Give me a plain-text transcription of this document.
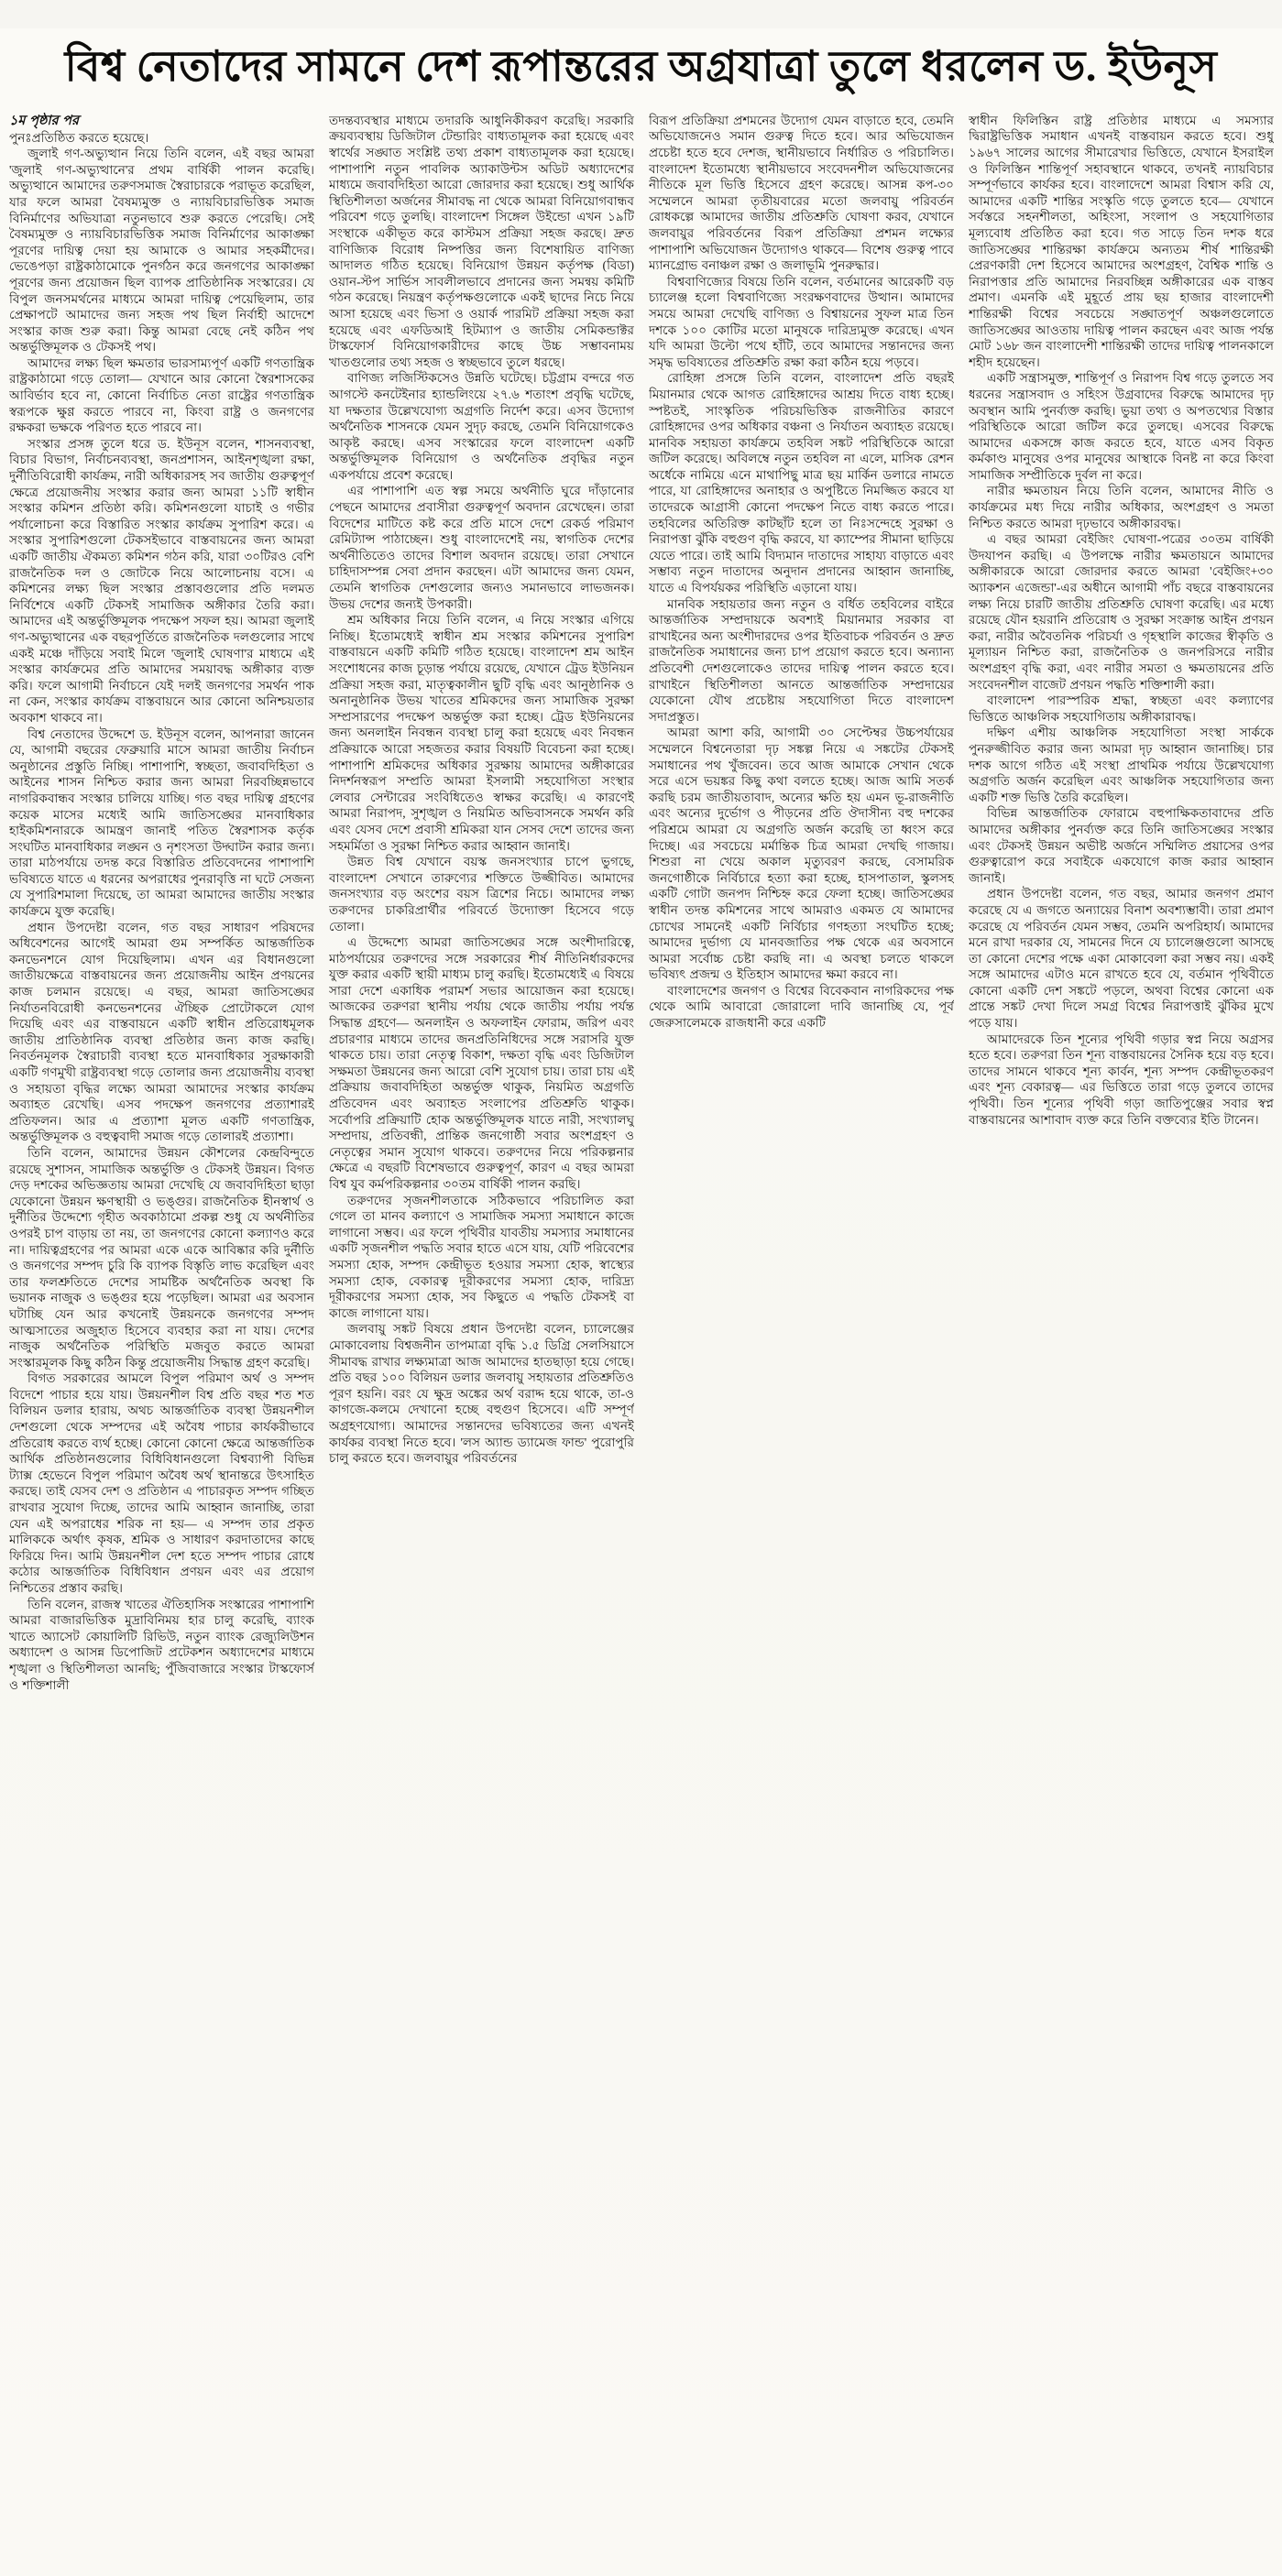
বিশ্ব নেতাদের সামনে দেশ রূপান্তরের অগ্রযাত্রা তুলে ধরলেন ড. ইউনূস

১ম পৃষ্ঠার পর

পুনঃপ্রতিষ্ঠিত করতে হয়েছে।

জুলাই গণ-অভ্যুত্থান নিয়ে তিনি বলেন, এই বছর আমরা 'জুলাই গণ-অভ্যুত্থানে'র প্রথম বার্ষিকী পালন করেছি। অভ্যুত্থানে আমাদের তরুণসমাজ স্বৈরাচারকে পরাভূত করেছিল, যার ফলে আমরা বৈষম্যমুক্ত ও ন্যায়বিচারভিত্তিক সমাজ বিনির্মাণের অভিযাত্রা নতুনভাবে শুরু করতে পেরেছি। সেই বৈষম্যমুক্ত ও ন্যায়বিচারভিত্তিক সমাজ বিনির্মাণের আকাঙ্ক্ষা পূরণের দায়িত্ব দেয়া হয় আমাকে ও আমার সহকর্মীদের। ভেঙেপড়া রাষ্ট্রকাঠামোকে পুনর্গঠন করে জনগণের আকাঙ্ক্ষা পূরণের জন্য প্রয়োজন ছিল ব্যাপক প্রাতিষ্ঠানিক সংস্কারের। যে বিপুল জনসমর্থনের মাধ্যমে আমরা দায়িত্ব পেয়েছিলাম, তার প্রেক্ষাপটে আমাদের জন্য সহজ পথ ছিল নির্বাহী আদেশে সংস্কার কাজ শুরু করা। কিন্তু আমরা বেছে নেই কঠিন পথ অন্তর্ভুক্তিমূলক ও টেকসই পথ।

আমাদের লক্ষ্য ছিল ক্ষমতার ভারসাম্যপূর্ণ একটি গণতান্ত্রিক রাষ্ট্রকাঠামো গড়ে তোলা— যেখানে আর কোনো স্বৈরশাসকের আবির্ভাব হবে না, কোনো নির্বাচিত নেতা রাষ্ট্রের গণতান্ত্রিক স্বরূপকে ক্ষুণ্ণ করতে পারবে না, কিংবা রাষ্ট্র ও জনগণের রক্ষকরা ভক্ষকে পরিণত হতে পারবে না।

সংস্কার প্রসঙ্গ তুলে ধরে ড. ইউনূস বলেন, শাসনব্যবস্থা, বিচার বিভাগ, নির্বাচনব্যবস্থা, জনপ্রশাসন, আইনশৃঙ্খলা রক্ষা, দুর্নীতিবিরোধী কার্যক্রম, নারী অধিকারসহ সব জাতীয় গুরুত্বপূর্ণ ক্ষেত্রে প্রয়োজনীয় সংস্কার করার জন্য আমরা ১১টি স্বাধীন সংস্কার কমিশন প্রতিষ্ঠা করি। কমিশনগুলো যাচাই ও গভীর পর্যালোচনা করে বিস্তারিত সংস্কার কার্যক্রম সুপারিশ করে। এ সংস্কার সুপারিশগুলো টেকসইভাবে বাস্তবায়নের জন্য আমরা একটি জাতীয় ঐকমত্য কমিশন গঠন করি, যারা ৩০টিরও বেশি রাজনৈতিক দল ও জোটকে নিয়ে আলোচনায় বসে। এ কমিশনের লক্ষ্য ছিল সংস্কার প্রস্তাবগুলোর প্রতি দলমত নির্বিশেষে একটি টেকসই সামাজিক অঙ্গীকার তৈরি করা। আমাদের এই অন্তর্ভুক্তিমূলক পদক্ষেপ সফল হয়। আমরা জুলাই গণ-অভ্যুত্থানের এক বছরপূর্তিতে রাজনৈতিক দলগুলোর সাথে একই মঞ্চে দাঁড়িয়ে সবাই মিলে 'জুলাই ঘোষণা'র মাধ্যমে এই সংস্কার কার্যক্রমের প্রতি আমাদের সময়াবদ্ধ অঙ্গীকার ব্যক্ত করি। ফলে আগামী নির্বাচনে যেই দলই জনগণের সমর্থন পাক না কেন, সংস্কার কার্যক্রম বাস্তবায়নে আর কোনো অনিশ্চয়তার অবকাশ থাকবে না।

বিশ্ব নেতাদের উদ্দেশে ড. ইউনূস বলেন, আপনারা জানেন যে, আগামী বছরের ফেব্রুয়ারি মাসে আমরা জাতীয় নির্বাচন অনুষ্ঠানের প্রস্তুতি নিচ্ছি। পাশাপাশি, স্বচ্ছতা, জবাবদিহিতা ও আইনের শাসন নিশ্চিত করার জন্য আমরা নিরবচ্ছিন্নভাবে নাগরিকবান্ধব সংস্কার চালিয়ে যাচ্ছি। গত বছর দায়িত্ব গ্রহণের কয়েক মাসের মধ্যেই আমি জাতিসঙ্ঘের মানবাধিকার হাইকমিশনারকে আমন্ত্রণ জানাই পতিত স্বৈরশাসক কর্তৃক সংঘটিত মানবাধিকার লঙ্ঘন ও নৃশংসতা উদ্ঘাটন করার জন্য। তারা মাঠপর্যায়ে তদন্ত করে বিস্তারিত প্রতিবেদনের পাশাপাশি ভবিষ্যতে যাতে এ ধরনের অপরাধের পুনরাবৃত্তি না ঘটে সেজন্য যে সুপারিশমালা দিয়েছে, তা আমরা আমাদের জাতীয় সংস্কার কার্যক্রমে যুক্ত করেছি।

প্রধান উপদেষ্টা বলেন, গত বছর সাধারণ পরিষদের অধিবেশনের আগেই আমরা গুম সম্পর্কিত আন্তর্জাতিক কনভেনশনে যোগ দিয়েছিলাম। এখন এর বিধানগুলো জাতীয়ক্ষেত্রে বাস্তবায়নের জন্য প্রয়োজনীয় আইন প্রণয়নের কাজ চলমান রয়েছে। এ বছর, আমরা জাতিসঙ্ঘের নির্যাতনবিরোধী কনভেনশনের ঐচ্ছিক প্রোটোকলে যোগ দিয়েছি এবং এর বাস্তবায়নে একটি স্বাধীন প্রতিরোধমূলক জাতীয় প্রাতিষ্ঠানিক ব্যবস্থা প্রতিষ্ঠার জন্য কাজ করছি। নিবর্তনমূলক স্বৈরাচারী ব্যবস্থা হতে মানবাধিকার সুরক্ষাকারী একটি গণমুখী রাষ্ট্রব্যবস্থা গড়ে তোলার জন্য প্রয়োজনীয় ব্যবস্থা ও সহায়তা বৃদ্ধির লক্ষ্যে আমরা আমাদের সংস্কার কার্যক্রম অব্যাহত রেখেছি। এসব পদক্ষেপ জনগণের প্রত্যাশারই প্রতিফলন। আর এ প্রত্যাশা মূলত একটি গণতান্ত্রিক, অন্তর্ভুক্তিমূলক ও বহুত্ববাদী সমাজ গড়ে তোলারই প্রত্যাশা।

তিনি বলেন, আমাদের উন্নয়ন কৌশলের কেন্দ্রবিন্দুতে রয়েছে সুশাসন, সামাজিক অন্তর্ভুক্তি ও টেকসই উন্নয়ন। বিগত দেড় দশকের অভিজ্ঞতায় আমরা দেখেছি যে জবাবদিহিতা ছাড়া যেকোনো উন্নয়ন ক্ষণস্থায়ী ও ভঙ্গুর। রাজনৈতিক হীনস্বার্থ ও দুর্নীতির উদ্দেশ্যে গৃহীত অবকাঠামো প্রকল্প শুধু যে অর্থনীতির ওপরই চাপ বাড়ায় তা নয়, তা জনগণের কোনো কল্যাণও করে না। দায়িত্বগ্রহণের পর আমরা একে একে আবিষ্কার করি দুর্নীতি ও জনগণের সম্পদ চুরি কি ব্যাপক বিস্তৃতি লাভ করেছিল এবং তার ফলশ্রুতিতে দেশের সামষ্টিক অর্থনৈতিক অবস্থা কি ভয়ানক নাজুক ও ভঙ্গুর হয়ে পড়েছিল। আমরা এর অবসান ঘটাচ্ছি যেন আর কখনোই উন্নয়নকে জনগণের সম্পদ আত্মসাতের অজুহাত হিসেবে ব্যবহার করা না যায়। দেশের নাজুক অর্থনৈতিক পরিস্থিতি মজবুত করতে আমরা সংস্কারমূলক কিছু কঠিন কিন্তু প্রয়োজনীয় সিদ্ধান্ত গ্রহণ করেছি।

বিগত সরকারের আমলে বিপুল পরিমাণ অর্থ ও সম্পদ বিদেশে পাচার হয়ে যায়। উন্নয়নশীল বিশ্ব প্রতি বছর শত শত বিলিয়ন ডলার হারায়, অথচ আন্তর্জাতিক ব্যবস্থা উন্নয়নশীল দেশগুলো থেকে সম্পদের এই অবৈধ পাচার কার্যকরীভাবে প্রতিরোধ করতে ব্যর্থ হচ্ছে। কোনো কোনো ক্ষেত্রে আন্তর্জাতিক আর্থিক প্রতিষ্ঠানগুলোর বিধিবিধানগুলো বিশ্বব্যাপী বিভিন্ন ট্যাক্স হেভেনে বিপুল পরিমাণ অবৈধ অর্থ স্থানান্তরে উৎসাহিত করছে। তাই যেসব দেশ ও প্রতিষ্ঠান এ পাচারকৃত সম্পদ গচ্ছিত রাখবার সুযোগ দিচ্ছে, তাদের আমি আহ্বান জানাচ্ছি, তারা যেন এই অপরাধের শরিক না হয়— এ সম্পদ তার প্রকৃত মালিককে অর্থাৎ কৃষক, শ্রমিক ও সাধারণ করদাতাদের কাছে ফিরিয়ে দিন। আমি উন্নয়নশীল দেশ হতে সম্পদ পাচার রোধে কঠোর আন্তর্জাতিক বিধিবিধান প্রণয়ন এবং এর প্রয়োগ নিশ্চিতের প্রস্তাব করছি।

তিনি বলেন, রাজস্ব খাতের ঐতিহাসিক সংস্কারের পাশাপাশি আমরা বাজারভিত্তিক মুদ্রাবিনিময় হার চালু করেছি, ব্যাংক খাতে অ্যাসেট কোয়ালিটি রিভিউ, নতুন ব্যাংক রেজ্যুলিউশন অধ্যাদেশ ও আসন্ন ডিপোজিট প্রটেকশন অধ্যাদেশের মাধ্যমে শৃঙ্খলা ও স্থিতিশীলতা আনছি; পুঁজিবাজারে সংস্কার টাস্কফোর্স ও শক্তিশালী

তদন্তব্যবস্থার মাধ্যমে তদারকি আধুনিকীকরণ করেছি। সরকারি ক্রয়ব্যবস্থায় ডিজিটাল টেন্ডারিং বাধ্যতামূলক করা হয়েছে এবং স্বার্থের সঙ্ঘাত সংশ্লিষ্ট তথ্য প্রকাশ বাধ্যতামূলক করা হয়েছে। পাশাপাশি নতুন পাবলিক অ্যাকাউন্টস অডিট অধ্যাদেশের মাধ্যমে জবাবদিহিতা আরো জোরদার করা হয়েছে। শুধু আর্থিক স্থিতিশীলতা অর্জনের সীমাবদ্ধ না থেকে আমরা বিনিয়োগবান্ধব পরিবেশ গড়ে তুলছি। বাংলাদেশ সিঙ্গেল উইন্ডো এখন ১৯টি সংস্থাকে একীভূত করে কাস্টমস প্রক্রিয়া সহজ করছে। দ্রুত বাণিজ্যিক বিরোধ নিষ্পত্তির জন্য বিশেষায়িত বাণিজ্য আদালত গঠিত হয়েছে। বিনিয়োগ উন্নয়ন কর্তৃপক্ষ (বিডা) ওয়ান-স্টপ সার্ভিস সাবলীলভাবে প্রদানের জন্য সমন্বয় কমিটি গঠন করেছে। নিয়ন্ত্রণ কর্তৃপক্ষগুলোকে একই ছাদের নিচে নিয়ে আসা হয়েছে এবং ভিসা ও ওয়ার্ক পারমিট প্রক্রিয়া সহজ করা হয়েছে এবং এফডিআই হিটম্যাপ ও জাতীয় সেমিকন্ডাক্টর টাস্কফোর্স বিনিয়োগকারীদের কাছে উচ্চ সম্ভাবনাময় খাতগুলোর তথ্য সহজ ও স্বচ্ছভাবে তুলে ধরছে।

বাণিজ্য লজিস্টিকসেও উন্নতি ঘটেছে। চট্টগ্রাম বন্দরে গত আগস্টে কনটেইনার হ্যান্ডলিংয়ে ২৭.৬ শতাংশ প্রবৃদ্ধি ঘটেছে, যা দক্ষতার উল্লেখযোগ্য অগ্রগতি নির্দেশ করে। এসব উদ্যোগ অর্থনৈতিক শাসনকে যেমন সুদৃঢ় করছে, তেমনি বিনিয়োগকেও আকৃষ্ট করছে। এসব সংস্কারের ফলে বাংলাদেশ একটি অন্তর্ভুক্তিমূলক বিনিয়োগ ও অর্থনৈতিক প্রবৃদ্ধির নতুন একপর্যায়ে প্রবেশ করেছে।

এর পাশাপাশি এত স্বল্প সময়ে অর্থনীতি ঘুরে দাঁড়ানোর পেছনে আমাদের প্রবাসীরা গুরুত্বপূর্ণ অবদান রেখেছেন। তারা বিদেশের মাটিতে কষ্ট করে প্রতি মাসে দেশে রেকর্ড পরিমাণ রেমিট্যান্স পাঠাচ্ছেন। শুধু বাংলাদেশেই নয়, স্বাগতিক দেশের অর্থনীতিতেও তাদের বিশাল অবদান রয়েছে। তারা সেখানে চাহিদাসম্পন্ন সেবা প্রদান করছেন। এটা আমাদের জন্য যেমন, তেমনি স্বাগতিক দেশগুলোর জন্যও সমানভাবে লাভজনক। উভয় দেশের জন্যই উপকারী।

শ্রম অধিকার নিয়ে তিনি বলেন, এ নিয়ে সংস্কার এগিয়ে নিচ্ছি। ইতোমধ্যেই স্বাধীন শ্রম সংস্কার কমিশনের সুপারিশ বাস্তবায়নে একটি কমিটি গঠিত হয়েছে। বাংলাদেশ শ্রম আইন সংশোধনের কাজ চূড়ান্ত পর্যায়ে রয়েছে, যেখানে ট্রেড ইউনিয়ন প্রক্রিয়া সহজ করা, মাতৃত্বকালীন ছুটি বৃদ্ধি এবং আনুষ্ঠানিক ও অনানুষ্ঠানিক উভয় খাতের শ্রমিকদের জন্য সামাজিক সুরক্ষা সম্প্রসারণের পদক্ষেপ অন্তর্ভুক্ত করা হচ্ছে। ট্রেড ইউনিয়নের জন্য অনলাইন নিবন্ধন ব্যবস্থা চালু করা হয়েছে এবং নিবন্ধন প্রক্রিয়াকে আরো সহজতর করার বিষয়টি বিবেচনা করা হচ্ছে। পাশাপাশি শ্রমিকদের অধিকার সুরক্ষায় আমাদের অঙ্গীকারের নিদর্শনস্বরূপ সম্প্রতি আমরা ইসলামী সহযোগিতা সংস্থার লেবার সেন্টারের সংবিধিতেও স্বাক্ষর করেছি। এ কারণেই আমরা নিরাপদ, সুশৃঙ্খল ও নিয়মিত অভিবাসনকে সমর্থন করি এবং যেসব দেশে প্রবাসী শ্রমিকরা যান সেসব দেশে তাদের জন্য সহমর্মিতা ও সুরক্ষা নিশ্চিত করার আহ্বান জানাই।

উন্নত বিশ্ব যেখানে বয়স্ক জনসংখ্যার চাপে ভুগছে, বাংলাদেশ সেখানে তারুণ্যের শক্তিতে উজ্জীবিত। আমাদের জনসংখ্যার বড় অংশের বয়স ত্রিশের নিচে। আমাদের লক্ষ্য তরুণদের চাকরিপ্রার্থীর পরিবর্তে উদ্যোক্তা হিসেবে গড়ে তোলা।

এ উদ্দেশ্যে আমরা জাতিসঙ্ঘের সঙ্গে অংশীদারিত্বে, মাঠপর্যায়ের তরুণদের সঙ্গে সরকারের শীর্ষ নীতিনির্ধারকদের যুক্ত করার একটি স্থায়ী মাধ্যম চালু করছি। ইতোমধ্যেই এ বিষয়ে সারা দেশে একাধিক পরামর্শ সভার আয়োজন করা হয়েছে। আজকের তরুণরা স্থানীয় পর্যায় থেকে জাতীয় পর্যায় পর্যন্ত সিদ্ধান্ত গ্রহণে— অনলাইন ও অফলাইন ফোরাম, জরিপ এবং প্রচারণার মাধ্যমে তাদের জনপ্রতিনিধিদের সঙ্গে সরাসরি যুক্ত থাকতে চায়। তারা নেতৃত্ব বিকাশ, দক্ষতা বৃদ্ধি এবং ডিজিটাল সক্ষমতা উন্নয়নের জন্য আরো বেশি সুযোগ চায়। তারা চায় এই প্রক্রিয়ায় জবাবদিহিতা অন্তর্ভুক্ত থাকুক, নিয়মিত অগ্রগতি প্রতিবেদন এবং অব্যাহত সংলাপের প্রতিশ্রুতি থাকুক। সর্বোপরি প্রক্রিয়াটি হোক অন্তর্ভুক্তিমূলক যাতে নারী, সংখ্যালঘু সম্প্রদায়, প্রতিবন্ধী, প্রান্তিক জনগোষ্ঠী সবার অংশগ্রহণ ও নেতৃত্বের সমান সুযোগ থাকবে। তরুণদের নিয়ে পরিকল্পনার ক্ষেত্রে এ বছরটি বিশেষভাবে গুরুত্বপূর্ণ, কারণ এ বছর আমরা বিশ্ব যুব কর্মপরিকল্পনার ৩০তম বার্ষিকী পালন করছি।

তরুণদের সৃজনশীলতাকে সঠিকভাবে পরিচালিত করা গেলে তা মানব কল্যাণে ও সামাজিক সমস্যা সমাধানে কাজে লাগানো সম্ভব। এর ফলে পৃথিবীর যাবতীয় সমস্যার সমাধানের একটি সৃজনশীল পদ্ধতি সবার হাতে এসে যায়, যেটি পরিবেশের সমস্যা হোক, সম্পদ কেন্দ্রীভূত হওয়ার সমস্যা হোক, স্বাস্থ্যের সমস্যা হোক, বেকারত্ব দূরীকরণের সমস্যা হোক, দারিদ্র্য দূরীকরণের সমস্যা হোক, সব কিছুতে এ পদ্ধতি টেকসই বা কাজে লাগানো যায়।

জলবায়ু সঙ্কট বিষয়ে প্রধান উপদেষ্টা বলেন, চ্যালেঞ্জের মোকাবেলায় বিশ্বজনীন তাপমাত্রা বৃদ্ধি ১.৫ ডিগ্রি সেলসিয়াসে সীমাবদ্ধ রাখার লক্ষ্যমাত্রা আজ আমাদের হাতছাড়া হয়ে গেছে। প্রতি বছর ১০০ বিলিয়ন ডলার জলবায়ু সহায়তার প্রতিশ্রুতিও পূরণ হয়নি। বরং যে ক্ষুদ্র অঙ্কের অর্থ বরাদ্দ হয়ে থাকে, তা-ও কাগজে-কলমে দেখানো হচ্ছে বহুগুণ হিসেবে। এটি সম্পূর্ণ অগ্রহণযোগ্য। আমাদের সন্তানদের ভবিষ্যতের জন্য এখনই কার্যকর ব্যবস্থা নিতে হবে। 'লস অ্যান্ড ড্যামেজ ফান্ড' পুরোপুরি চালু করতে হবে। জলবায়ুর পরিবর্তনের

বিরূপ প্রতিক্রিয়া প্রশমনের উদ্যোগ যেমন বাড়াতে হবে, তেমনি অভিযোজনেও সমান গুরুত্ব দিতে হবে। আর অভিযোজন প্রচেষ্টা হতে হবে দেশজ, স্থানীয়ভাবে নির্ধারিত ও পরিচালিত। বাংলাদেশ ইতোমধ্যে স্থানীয়ভাবে সংবেদনশীল অভিযোজনের নীতিকে মূল ভিত্তি হিসেবে গ্রহণ করেছে। আসন্ন কপ-৩০ সম্মেলনে আমরা তৃতীয়বারের মতো জলবায়ু পরিবর্তন রোধকল্পে আমাদের জাতীয় প্রতিশ্রুতি ঘোষণা করব, যেখানে জলবায়ুর পরিবর্তনের বিরূপ প্রতিক্রিয়া প্রশমন লক্ষ্যের পাশাপাশি অভিযোজন উদ্যোগও থাকবে— বিশেষ গুরুত্ব পাবে ম্যানগ্রোভ বনাঞ্চল রক্ষা ও জলাভূমি পুনরুদ্ধার।

বিশ্ববাণিজ্যের বিষয়ে তিনি বলেন, বর্তমানের আরেকটি বড় চ্যালেঞ্জ হলো বিশ্ববাণিজ্যে সংরক্ষণবাদের উত্থান। আমাদের সময়ে আমরা দেখেছি বাণিজ্য ও বিশ্বায়নের সুফল মাত্র তিন দশকে ১০০ কোটির মতো মানুষকে দারিদ্র্যমুক্ত করেছে। এখন যদি আমরা উল্টো পথে হাঁটি, তবে আমাদের সন্তানদের জন্য সমৃদ্ধ ভবিষ্যতের প্রতিশ্রুতি রক্ষা করা কঠিন হয়ে পড়বে।

রোহিঙ্গা প্রসঙ্গে তিনি বলেন, বাংলাদেশ প্রতি বছরই মিয়ানমার থেকে আগত রোহিঙ্গাদের আশ্রয় দিতে বাধ্য হচ্ছে। স্পষ্টতই, সাংস্কৃতিক পরিচয়ভিত্তিক রাজনীতির কারণে রোহিঙ্গাদের ওপর অধিকার বঞ্চনা ও নির্যাতন অব্যাহত রয়েছে। মানবিক সহায়তা কার্যক্রমে তহবিল সঙ্কট পরিস্থিতিকে আরো জটিল করেছে। অবিলম্বে নতুন তহবিল না এলে, মাসিক রেশন অর্ধেকে নামিয়ে এনে মাথাপিছু মাত্র ছয় মার্কিন ডলারে নামতে পারে, যা রোহিঙ্গাদের অনাহার ও অপুষ্টিতে নিমজ্জিত করবে যা তাদেরকে আগ্রাসী কোনো পদক্ষেপ নিতে বাধ্য করতে পারে। তহবিলের অতিরিক্ত কাটছাঁট হলে তা নিঃসন্দেহে সুরক্ষা ও নিরাপত্তা ঝুঁকি বহুগুণ বৃদ্ধি করবে, যা ক্যাম্পের সীমানা ছাড়িয়ে যেতে পারে। তাই আমি বিদ্যমান দাতাদের সাহায্য বাড়াতে এবং সম্ভাব্য নতুন দাতাদের অনুদান প্রদানের আহ্বান জানাচ্ছি, যাতে এ বিপর্যয়কর পরিস্থিতি এড়ানো যায়।

মানবিক সহায়তার জন্য নতুন ও বর্ধিত তহবিলের বাইরে আন্তর্জাতিক সম্প্রদায়কে অবশ্যই মিয়ানমার সরকার বা রাখাইনের অন্য অংশীদারদের ওপর ইতিবাচক পরিবর্তন ও দ্রুত রাজনৈতিক সমাধানের জন্য চাপ প্রয়োগ করতে হবে। অন্যান্য প্রতিবেশী দেশগুলোকেও তাদের দায়িত্ব পালন করতে হবে। রাখাইনে স্থিতিশীলতা আনতে আন্তর্জাতিক সম্প্রদায়ের যেকোনো যৌথ প্রচেষ্টায় সহযোগিতা দিতে বাংলাদেশ সদাপ্রস্তুত।

আমরা আশা করি, আগামী ৩০ সেপ্টেম্বর উচ্চপর্যায়ের সম্মেলনে বিশ্বনেতারা দৃঢ় সঙ্কল্প নিয়ে এ সঙ্কটের টেকসই সমাধানের পথ খুঁজবেন। তবে আজ আমাকে সেখান থেকে সরে এসে ভয়ঙ্কর কিছু কথা বলতে হচ্ছে। আজ আমি সতর্ক করছি চরম জাতীয়তাবাদ, অন্যের ক্ষতি হয় এমন ভূ-রাজনীতি এবং অন্যের দুর্ভোগ ও পীড়নের প্রতি ঔদাসীন্য বহু দশকের পরিশ্রমে আমরা যে অগ্রগতি অর্জন করেছি তা ধ্বংস করে দিচ্ছে। এর সবচেয়ে মর্মান্তিক চিত্র আমরা দেখছি গাজায়। শিশুরা না খেয়ে অকাল মৃত্যুবরণ করছে, বেসামরিক জনগোষ্ঠীকে নির্বিচারে হত্যা করা হচ্ছে, হাসপাতাল, স্কুলসহ একটি গোটা জনপদ নিশ্চিহ্ন করে ফেলা হচ্ছে। জাতিসঙ্ঘের স্বাধীন তদন্ত কমিশনের সাথে আমরাও একমত যে আমাদের চোখের সামনেই একটি নির্বিচার গণহত্যা সংঘটিত হচ্ছে; আমাদের দুর্ভাগ্য যে মানবজাতির পক্ষ থেকে এর অবসানে আমরা সর্বোচ্চ চেষ্টা করছি না। এ অবস্থা চলতে থাকলে ভবিষ্যৎ প্রজন্ম ও ইতিহাস আমাদের ক্ষমা করবে না।

বাংলাদেশের জনগণ ও বিশ্বের বিবেকবান নাগরিকদের পক্ষ থেকে আমি আবারো জোরালো দাবি জানাচ্ছি যে, পূর্ব জেরুসালেমকে রাজধানী করে একটি

স্বাধীন ফিলিস্তিন রাষ্ট্র প্রতিষ্ঠার মাধ্যমে এ সমস্যার দ্বিরাষ্ট্রভিত্তিক সমাধান এখনই বাস্তবায়ন করতে হবে। শুধু ১৯৬৭ সালের আগের সীমারেখার ভিত্তিতে, যেখানে ইসরাইল ও ফিলিস্তিন শান্তিপূর্ণ সহাবস্থানে থাকবে, তখনই ন্যায়বিচার সম্পূর্ণভাবে কার্যকর হবে। বাংলাদেশে আমরা বিশ্বাস করি যে, আমাদের একটি শান্তির সংস্কৃতি গড়ে তুলতে হবে— যেখানে সর্বস্তরে সহনশীলতা, অহিংসা, সংলাপ ও সহযোগিতার মূল্যবোধ প্রতিষ্ঠিত করা হবে। গত সাড়ে তিন দশক ধরে জাতিসঙ্ঘের শান্তিরক্ষা কার্যক্রমে অন্যতম শীর্ষ শান্তিরক্ষী প্রেরণকারী দেশ হিসেবে আমাদের অংশগ্রহণ, বৈশ্বিক শান্তি ও নিরাপত্তার প্রতি আমাদের নিরবচ্ছিন্ন অঙ্গীকারের এক বাস্তব প্রমাণ। এমনকি এই মুহূর্তে প্রায় ছয় হাজার বাংলাদেশী শান্তিরক্ষী বিশ্বের সবচেয়ে সঙ্ঘাতপূর্ণ অঞ্চলগুলোতে জাতিসঙ্ঘের আওতায় দায়িত্ব পালন করছেন এবং আজ পর্যন্ত মোট ১৬৮ জন বাংলাদেশী শান্তিরক্ষী তাদের দায়িত্ব পালনকালে শহীদ হয়েছেন।

একটি সন্ত্রাসমুক্ত, শান্তিপূর্ণ ও নিরাপদ বিশ্ব গড়ে তুলতে সব ধরনের সন্ত্রাসবাদ ও সহিংস উগ্রবাদের বিরুদ্ধে আমাদের দৃঢ় অবস্থান আমি পুনর্ব্যক্ত করছি। ভুয়া তথ্য ও অপতথ্যের বিস্তার পরিস্থিতিকে আরো জটিল করে তুলছে। এসবের বিরুদ্ধে আমাদের একসঙ্গে কাজ করতে হবে, যাতে এসব বিকৃত কর্মকাণ্ড মানুষের ওপর মানুষের আস্থাকে বিনষ্ট না করে কিংবা সামাজিক সম্প্রীতিকে দুর্বল না করে।

নারীর ক্ষমতায়ন নিয়ে তিনি বলেন, আমাদের নীতি ও কার্যক্রমের মধ্য দিয়ে নারীর অধিকার, অংশগ্রহণ ও সমতা নিশ্চিত করতে আমরা দৃঢ়ভাবে অঙ্গীকারবদ্ধ।

এ বছর আমরা বেইজিং ঘোষণা-পত্রের ৩০তম বার্ষিকী উদযাপন করছি। এ উপলক্ষে নারীর ক্ষমতায়নে আমাদের অঙ্গীকারকে আরো জোরদার করতে আমরা 'বেইজিং+৩০ অ্যাকশন এজেন্ডা'-এর অধীনে আগামী পাঁচ বছরে বাস্তবায়নের লক্ষ্য নিয়ে চারটি জাতীয় প্রতিশ্রুতি ঘোষণা করেছি। এর মধ্যে রয়েছে যৌন হয়রানি প্রতিরোধ ও সুরক্ষা সংক্রান্ত আইন প্রণয়ন করা, নারীর অবৈতনিক পরিচর্যা ও গৃহস্থালি কাজের স্বীকৃতি ও মূল্যায়ন নিশ্চিত করা, রাজনৈতিক ও জনপরিসরে নারীর অংশগ্রহণ বৃদ্ধি করা, এবং নারীর সমতা ও ক্ষমতায়নের প্রতি সংবেদনশীল বাজেট প্রণয়ন পদ্ধতি শক্তিশালী করা।

বাংলাদেশ পারস্পরিক শ্রদ্ধা, স্বচ্ছতা এবং কল্যাণের ভিত্তিতে আঞ্চলিক সহযোগিতায় অঙ্গীকারাবদ্ধ।

দক্ষিণ এশীয় আঞ্চলিক সহযোগিতা সংস্থা সার্ককে পুনরুজ্জীবিত করার জন্য আমরা দৃঢ় আহ্বান জানাচ্ছি। চার দশক আগে গঠিত এই সংস্থা প্রাথমিক পর্যায়ে উল্লেখযোগ্য অগ্রগতি অর্জন করেছিল এবং আঞ্চলিক সহযোগিতার জন্য একটি শক্ত ভিত্তি তৈরি করেছিল।

বিভিন্ন আন্তর্জাতিক ফোরামে বহুপাক্ষিকতাবাদের প্রতি আমাদের অঙ্গীকার পুনর্ব্যক্ত করে তিনি জাতিসঙ্ঘের সংস্কার এবং টেকসই উন্নয়ন অভীষ্ট অর্জনে সম্মিলিত প্রয়াসের ওপর গুরুত্বারোপ করে সবাইকে একযোগে কাজ করার আহ্বান জানাই।

প্রধান উপদেষ্টা বলেন, গত বছর, আমার জনগণ প্রমাণ করেছে যে এ জগতে অন্যায়ের বিনাশ অবশ্যম্ভাবী। তারা প্রমাণ করেছে যে পরিবর্তন যেমন সম্ভব, তেমনি অপরিহার্য। আমাদের মনে রাখা দরকার যে, সামনের দিনে যে চ্যালেঞ্জগুলো আসছে তা কোনো দেশের পক্ষে একা মোকাবেলা করা সম্ভব নয়। একই সঙ্গে আমাদের এটাও মনে রাখতে হবে যে, বর্তমান পৃথিবীতে কোনো একটি দেশ সঙ্কটে পড়লে, অথবা বিশ্বের কোনো এক প্রান্তে সঙ্কট দেখা দিলে সমগ্র বিশ্বের নিরাপত্তাই ঝুঁকির মুখে পড়ে যায়।

আমাদেরকে তিন শূন্যের পৃথিবী গড়ার স্বপ্ন নিয়ে অগ্রসর হতে হবে। তরুণরা তিন শূন্য বাস্তবায়নের সৈনিক হয়ে বড় হবে। তাদের সামনে থাকবে শূন্য কার্বন, শূন্য সম্পদ কেন্দ্রীভূতকরণ এবং শূন্য বেকারত্ব— এর ভিত্তিতে তারা গড়ে তুলবে তাদের পৃথিবী। তিন শূন্যের পৃথিবী গড়া জাতিপুঞ্জের সবার স্বপ্ন বাস্তবায়নের আশাবাদ ব্যক্ত করে তিনি বক্তব্যের ইতি টানেন।
